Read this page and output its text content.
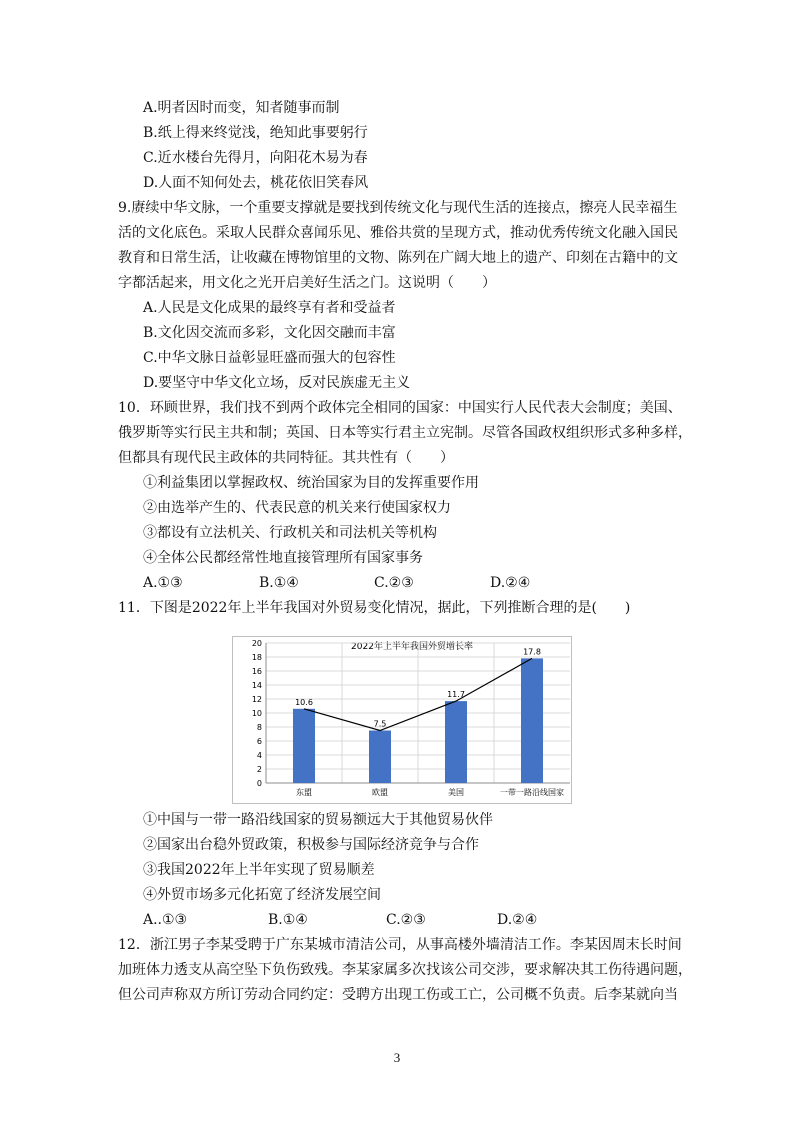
A.明者因时而变，知者随事而制
B.纸上得来终觉浅，绝知此事要躬行
C.近水楼台先得月，向阳花木易为春
D.人面不知何处去，桃花依旧笑春风
9.赓续中华文脉，一个重要支撑就是要找到传统文化与现代生活的连接点，擦亮人民幸福生
活的文化底色。采取人民群众喜闻乐见、雅俗共赏的呈现方式，推动优秀传统文化融入国民
教育和日常生活，让收藏在博物馆里的文物、陈列在广阔大地上的遗产、印刻在古籍中的文
字都活起来，用文化之光开启美好生活之门。这说明（　　）
A.人民是文化成果的最终享有者和受益者
B.文化因交流而多彩，文化因交融而丰富
C.中华文脉日益彰显旺盛而强大的包容性
D.要坚守中华文化立场，反对民族虚无主义
10．环顾世界，我们找不到两个政体完全相同的国家：中国实行人民代表大会制度；美国、
俄罗斯等实行民主共和制；英国、日本等实行君主立宪制。尽管各国政权组织形式多种多样，
但都具有现代民主政体的共同特征。其共性有（　　）
①利益集团以掌握政权、统治国家为目的发挥重要作用
②由选举产生的、代表民意的机关来行使国家权力
③都设有立法机关、行政机关和司法机关等机构
④全体公民都经常性地直接管理所有国家事务
A.①③	B.①④	C.②③	D.②④
11．下图是2022年上半年我国对外贸易变化情况，据此，下列推断合理的是(　　)
2022年上半年我国外贸增长率
0
2
4
6
8
10
12
14
16
18
20
10.6
7.5
11.7
17.8
东盟	欧盟	美国	一带一路沿线国家
①中国与一带一路沿线国家的贸易额远大于其他贸易伙伴
②国家出台稳外贸政策，积极参与国际经济竞争与合作
③我国2022年上半年实现了贸易顺差
④外贸市场多元化拓宽了经济发展空间
A..①③	B.①④	C.②③	D.②④
12．浙江男子李某受聘于广东某城市清洁公司，从事高楼外墙清洁工作。李某因周末长时间
加班体力透支从高空坠下负伤致残。李某家属多次找该公司交涉，要求解决其工伤待遇问题，
但公司声称双方所订劳动合同约定：受聘方出现工伤或工亡，公司概不负责。后李某就向当
3
